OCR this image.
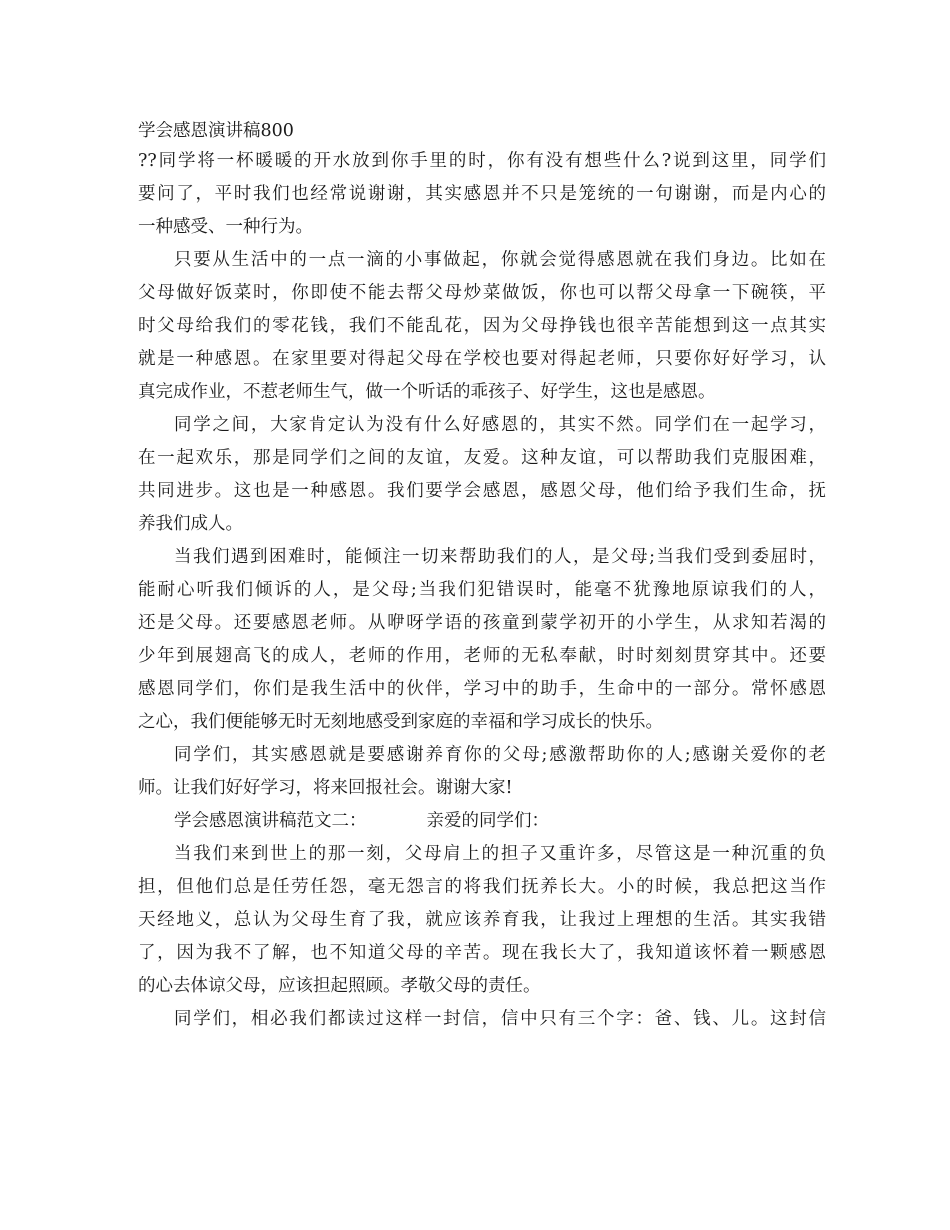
学会感恩演讲稿800
??同学将一杯暖暖的开水放到你手里的时，你有没有想些什么?说到这里，同学们
要问了，平时我们也经常说谢谢，其实感恩并不只是笼统的一句谢谢，而是内心的
一种感受、一种行为。
只要从生活中的一点一滴的小事做起，你就会觉得感恩就在我们身边。比如在
父母做好饭菜时，你即使不能去帮父母炒菜做饭，你也可以帮父母拿一下碗筷，平
时父母给我们的零花钱，我们不能乱花，因为父母挣钱也很辛苦能想到这一点其实
就是一种感恩。在家里要对得起父母在学校也要对得起老师，只要你好好学习，认
真完成作业，不惹老师生气，做一个听话的乖孩子、好学生，这也是感恩。
同学之间，大家肯定认为没有什么好感恩的，其实不然。同学们在一起学习，
在一起欢乐，那是同学们之间的友谊，友爱。这种友谊，可以帮助我们克服困难，
共同进步。这也是一种感恩。我们要学会感恩，感恩父母，他们给予我们生命，抚
养我们成人。
当我们遇到困难时，能倾注一切来帮助我们的人，是父母;当我们受到委屈时，
能耐心听我们倾诉的人，是父母;当我们犯错误时，能毫不犹豫地原谅我们的人，
还是父母。还要感恩老师。从咿呀学语的孩童到蒙学初开的小学生，从求知若渴的
少年到展翅高飞的成人，老师的作用，老师的无私奉献，时时刻刻贯穿其中。还要
感恩同学们，你们是我生活中的伙伴，学习中的助手，生命中的一部分。常怀感恩
之心，我们便能够无时无刻地感受到家庭的幸福和学习成长的快乐。
同学们，其实感恩就是要感谢养育你的父母;感激帮助你的人;感谢关爱你的老
师。让我们好好学习，将来回报社会。谢谢大家!
学会感恩演讲稿范文二：	亲爱的同学们：
当我们来到世上的那一刻，父母肩上的担子又重许多，尽管这是一种沉重的负
担，但他们总是任劳任怨，毫无怨言的将我们抚养长大。小的时候，我总把这当作
天经地义，总认为父母生育了我，就应该养育我，让我过上理想的生活。其实我错
了，因为我不了解，也不知道父母的辛苦。现在我长大了，我知道该怀着一颗感恩
的心去体谅父母，应该担起照顾。孝敬父母的责任。
同学们，相必我们都读过这样一封信，信中只有三个字：爸、钱、儿。这封信
